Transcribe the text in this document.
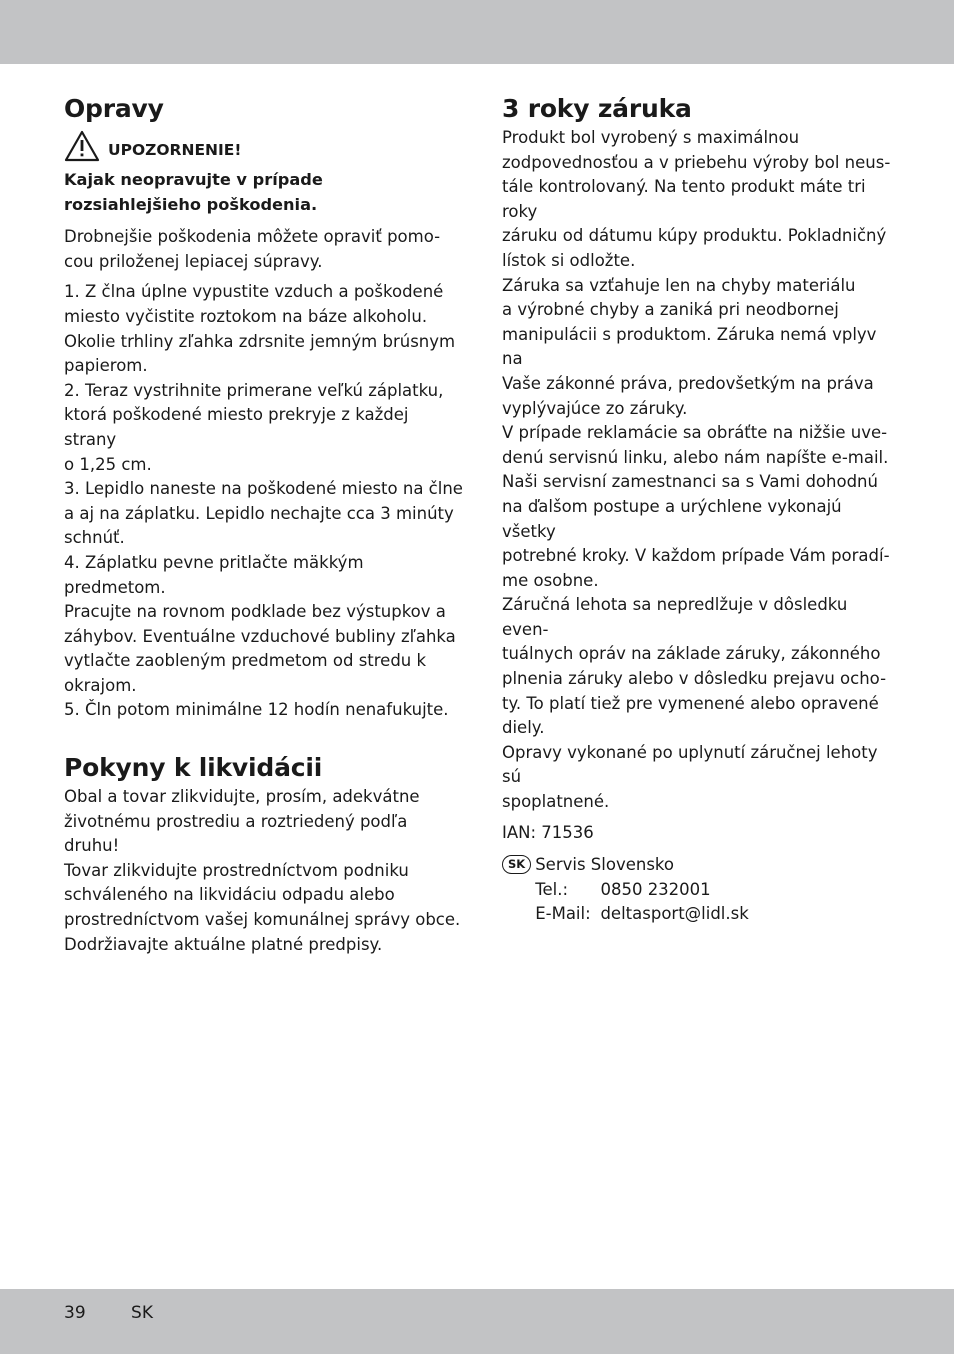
Opravy
UPOZORNENIE!

Kajak neopravujte v prípade

rozsiahlejšieho poškodenia.

Drobnejšie poškodenia môžete opraviť pomo-

cou priloženej lepiacej súpravy.

1. Z člna úplne vypustite vzduch a poškodené

miesto vyčistite roztokom na báze alkoholu.

Okolie trhliny zľahka zdrsnite jemným brúsnym

papierom.

2. Teraz vystrihnite primerane veľkú záplatku,

ktorá poškodené miesto prekryje z každej strany

o 1,25 cm.

3. Lepidlo naneste na poškodené miesto na člne

a aj na záplatku. Lepidlo nechajte cca 3 minúty

schnúť.

4. Záplatku pevne pritlačte mäkkým predmetom.

Pracujte na rovnom podklade bez výstupkov a

záhybov. Eventuálne vzduchové bubliny zľahka

vytlačte zaobleným predmetom od stredu k

okrajom.

5. Čln potom minimálne 12 hodín nenafukujte.

Pokyny k likvidácii

Obal a tovar zlikvidujte, prosím, adekvátne

životnému prostrediu a roztriedený podľa druhu!

Tovar zlikvidujte prostredníctvom podniku

schváleného na likvidáciu odpadu alebo

prostredníctvom vašej komunálnej správy obce.

Dodržiavajte aktuálne platné predpisy.

3 roky záruka

Produkt bol vyrobený s maximálnou

zodpovednosťou a v priebehu výroby bol neus-

tále kontrolovaný. Na tento produkt máte tri roky

záruku od dátumu kúpy produktu. Pokladničný

lístok si odložte.

Záruka sa vzťahuje len na chyby materiálu

a výrobné chyby a zaniká pri neodbornej

manipulácii s produktom. Záruka nemá vplyv na

Vaše zákonné práva, predovšetkým na práva

vyplývajúce zo záruky.

V prípade reklamácie sa obráťte na nižšie uve-

denú servisnú linku, alebo nám napíšte e-mail.

Naši servisní zamestnanci sa s Vami dohodnú

na ďalšom postupe a urýchlene vykonajú všetky

potrebné kroky. V každom prípade Vám poradí-

me osobne.

Záručná lehota sa nepredlžuje v dôsledku even-

tuálnych opráv na základe záruky, zákonného

plnenia záruky alebo v dôsledku prejavu ocho-

ty. To platí tiež pre vymenené alebo opravené

diely.

Opravy vykonané po uplynutí záručnej lehoty sú

spoplatnené.

IAN: 71536

SK Servis Slovensko

Tel.: 0850 232001

E-Mail: deltasport@lidl.sk

39	SK
